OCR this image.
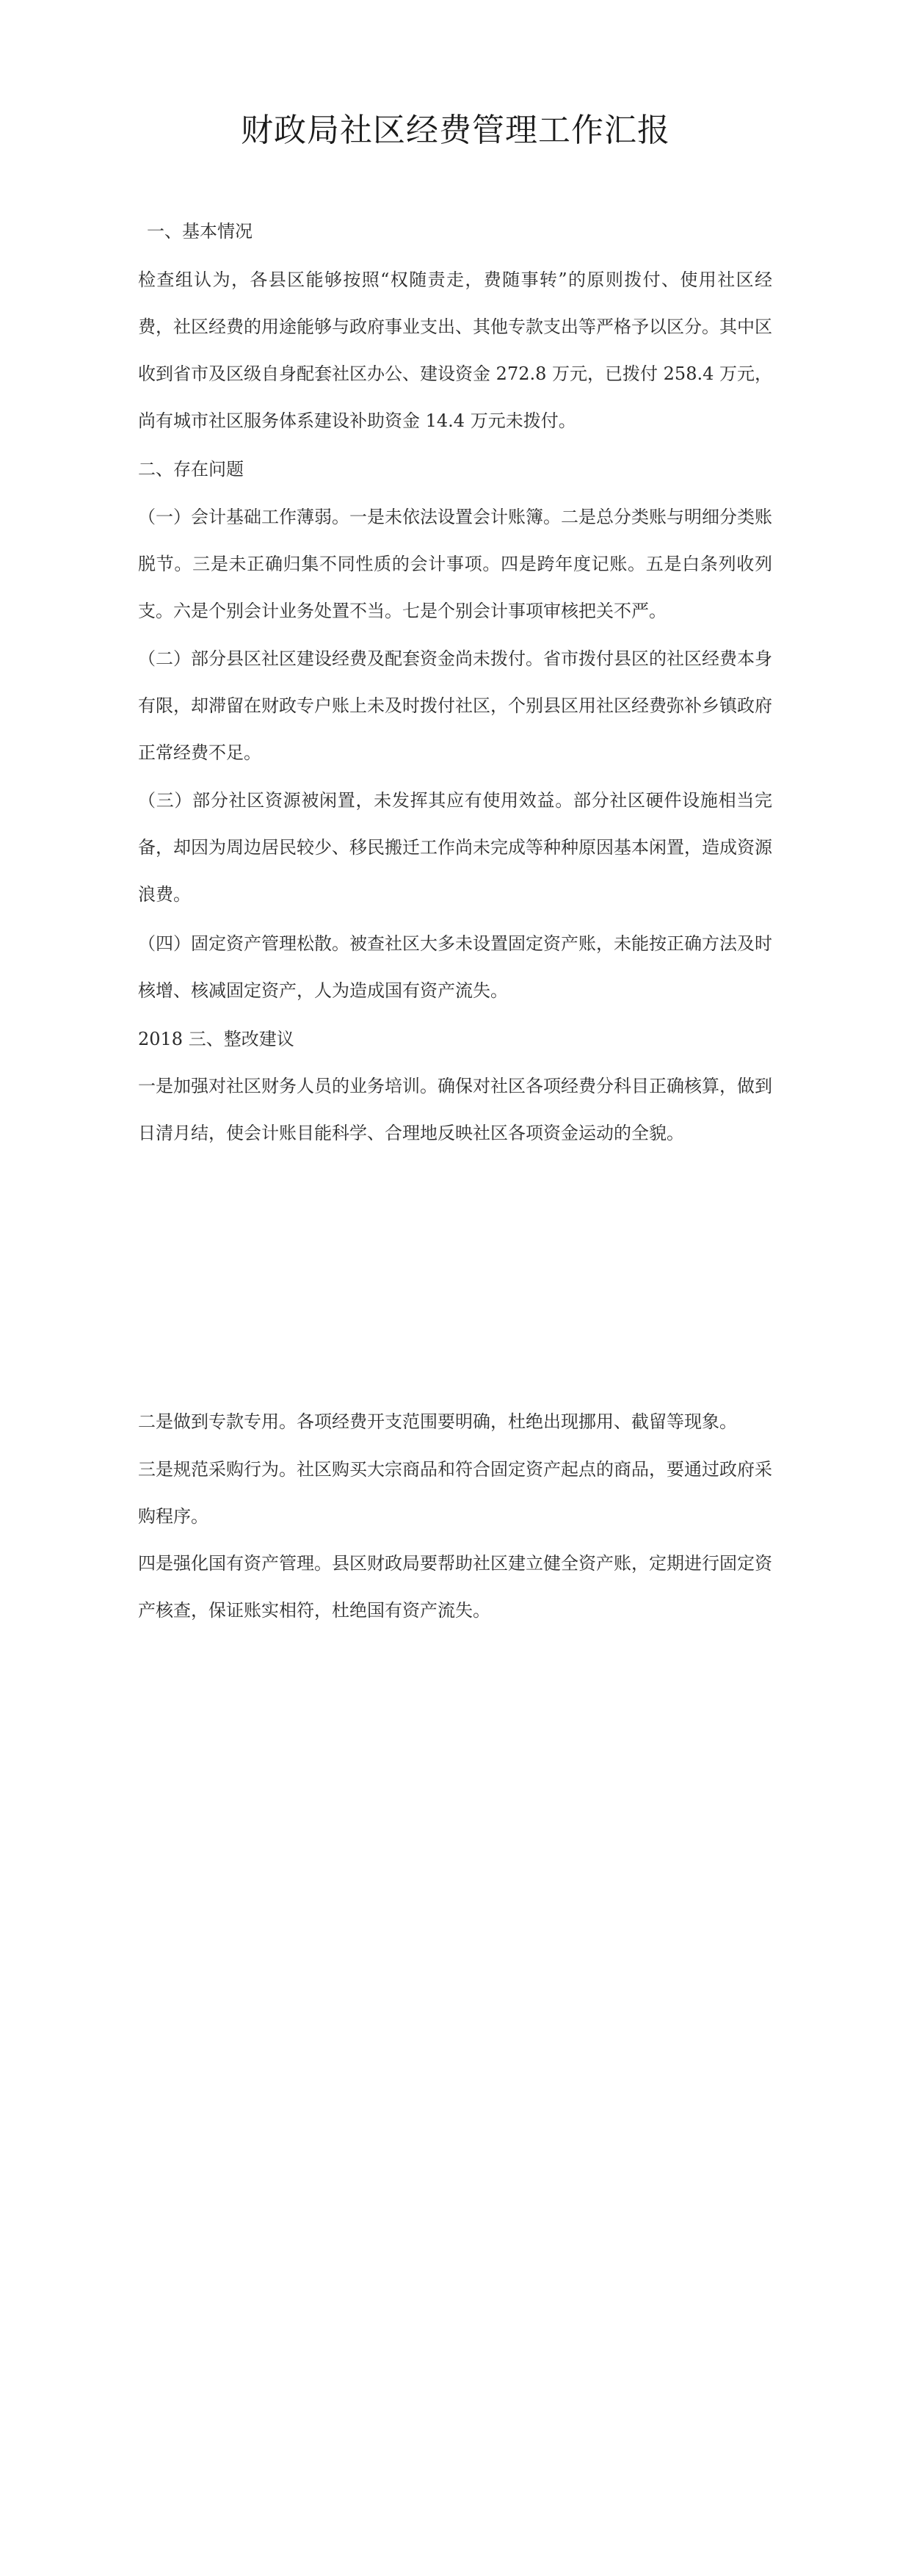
财政局社区经费管理工作汇报

一、基本情况

检查组认为，各县区能够按照“权随责走，费随事转”的原则拨付、使用社区经费，社区经费的用途能够与政府事业支出、其他专款支出等严格予以区分。其中区收到省市及区级自身配套社区办公、建设资金 272.8 万元，已拨付 258.4 万元，尚有城市社区服务体系建设补助资金 14.4 万元未拨付。

二、存在问题

（一）会计基础工作薄弱。一是未依法设置会计账簿。二是总分类账与明细分类账脱节。三是未正确归集不同性质的会计事项。四是跨年度记账。五是白条列收列支。六是个别会计业务处置不当。七是个别会计事项审核把关不严。

（二）部分县区社区建设经费及配套资金尚未拨付。省市拨付县区的社区经费本身有限，却滞留在财政专户账上未及时拨付社区，个别县区用社区经费弥补乡镇政府正常经费不足。

（三）部分社区资源被闲置，未发挥其应有使用效益。部分社区硬件设施相当完备，却因为周边居民较少、移民搬迁工作尚未完成等种种原因基本闲置，造成资源浪费。

（四）固定资产管理松散。被查社区大多未设置固定资产账，未能按正确方法及时核增、核减固定资产，人为造成国有资产流失。

2018 三、整改建议

一是加强对社区财务人员的业务培训。确保对社区各项经费分科目正确核算，做到日清月结，使会计账目能科学、合理地反映社区各项资金运动的全貌。

二是做到专款专用。各项经费开支范围要明确，杜绝出现挪用、截留等现象。

三是规范采购行为。社区购买大宗商品和符合固定资产起点的商品，要通过政府采购程序。

四是强化国有资产管理。县区财政局要帮助社区建立健全资产账，定期进行固定资产核查，保证账实相符，杜绝国有资产流失。
